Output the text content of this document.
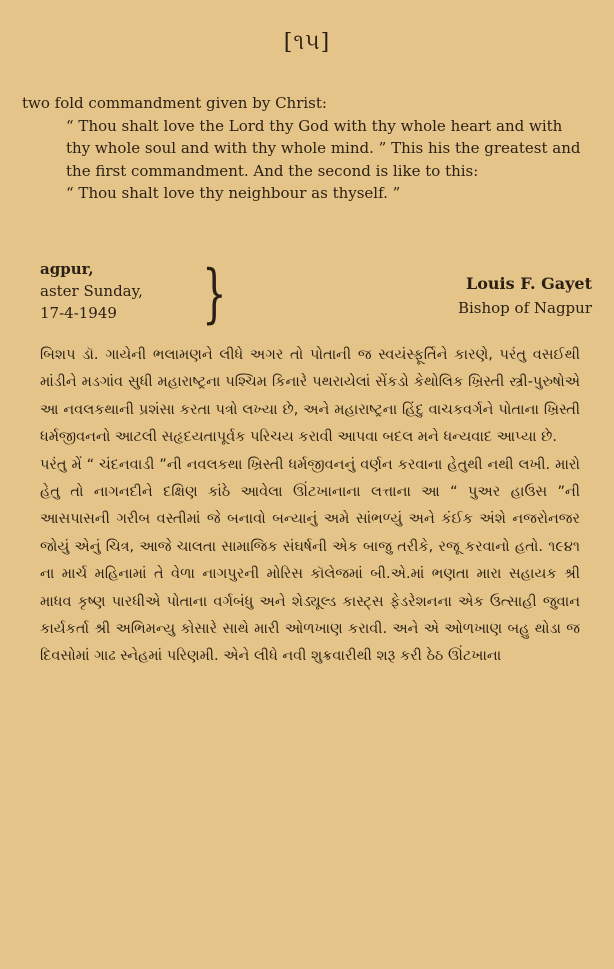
[૧૫]

two fold commandment given by Christ:

“ Thou shalt love the Lord thy God with thy whole heart and with thy whole soul and with thy whole mind. ” This his the greatest and the first commandment. And the second is like to this:

“ Thou shalt love thy neighbour as thyself. ”

agpur,
aster Sunday,
17-4-1949	}	Louis F. Gayet
Bishop of Nagpur

બિશપ ડૉ. ગાયેની ભલામણને લીધે અગર તો પોતાની જ સ્વયંસ્ફૂર્તિને કારણે, પરંતુ વસઈથી માંડીને મડગાંવ સુધી મહારાષ્ટ્રના પશ્ચિમ કિનારે પથરાયેલાં સેંકડો કેથોલિક ખ્રિસ્તી સ્ત્રી-પુરુષોએ આ નવલકથાની પ્રશંસા કરતા પત્રો લખ્યા છે, અને મહારાષ્ટ્રના હિંદુ વાચકવર્ગને પોતાના ખ્રિસ્તી ધર્મજીવનનો આટલી સહૃદયતાપૂર્વક પરિચય કરાવી આપવા બદલ મને ધન્યવાદ આપ્યા છે.

પરંતુ મેં “ ચંદનવાડી ”ની નવલકથા ખ્રિસ્તી ધર્મજીવનનું વર્ણન કરવાના હેતુથી નથી લખી. મારો હેતુ તો નાગનદીને દક્ષિણ કાંઠે આવેલા ઊંટખાનાના લત્તાના આ “ પુઅર હાઉસ ”ની આસપાસની ગરીબ વસ્તીમાં જે બનાવો બન્યાનું અમે સાંભળ્યું અને કંઈક અંશે નજરોનજર જોયું એનું ચિત્ર, આજે ચાલતા સામાજિક સંઘર્ષની એક બાજુ તરીકે, રજૂ કરવાનો હતો. ૧૯૪૧ ના માર્ચ મહિનામાં તે વેળા નાગપુરની મોરિસ કૉલેજમાં બી.એ.માં ભણતા મારા સહાયક શ્રી માધવ કૃષ્ણ પારધીએ પોતાના વર્ગબંધુ અને શેડ્યૂલ્ડ કાસ્ટ્સ ફેડરેશનના એક ઉત્સાહી જુવાન કાર્યકર્તા શ્રી અભિમન્યુ કોસારે સાથે મારી ઓળખાણ કરાવી. અને એ ઓળખાણ બહુ થોડા જ દિવસોમાં ગાઢ સ્નેહમાં પરિણમી. એને લીધે નવી શુક્રવારીથી શરૂ કરી ઠેઠ ઊંટખાના
